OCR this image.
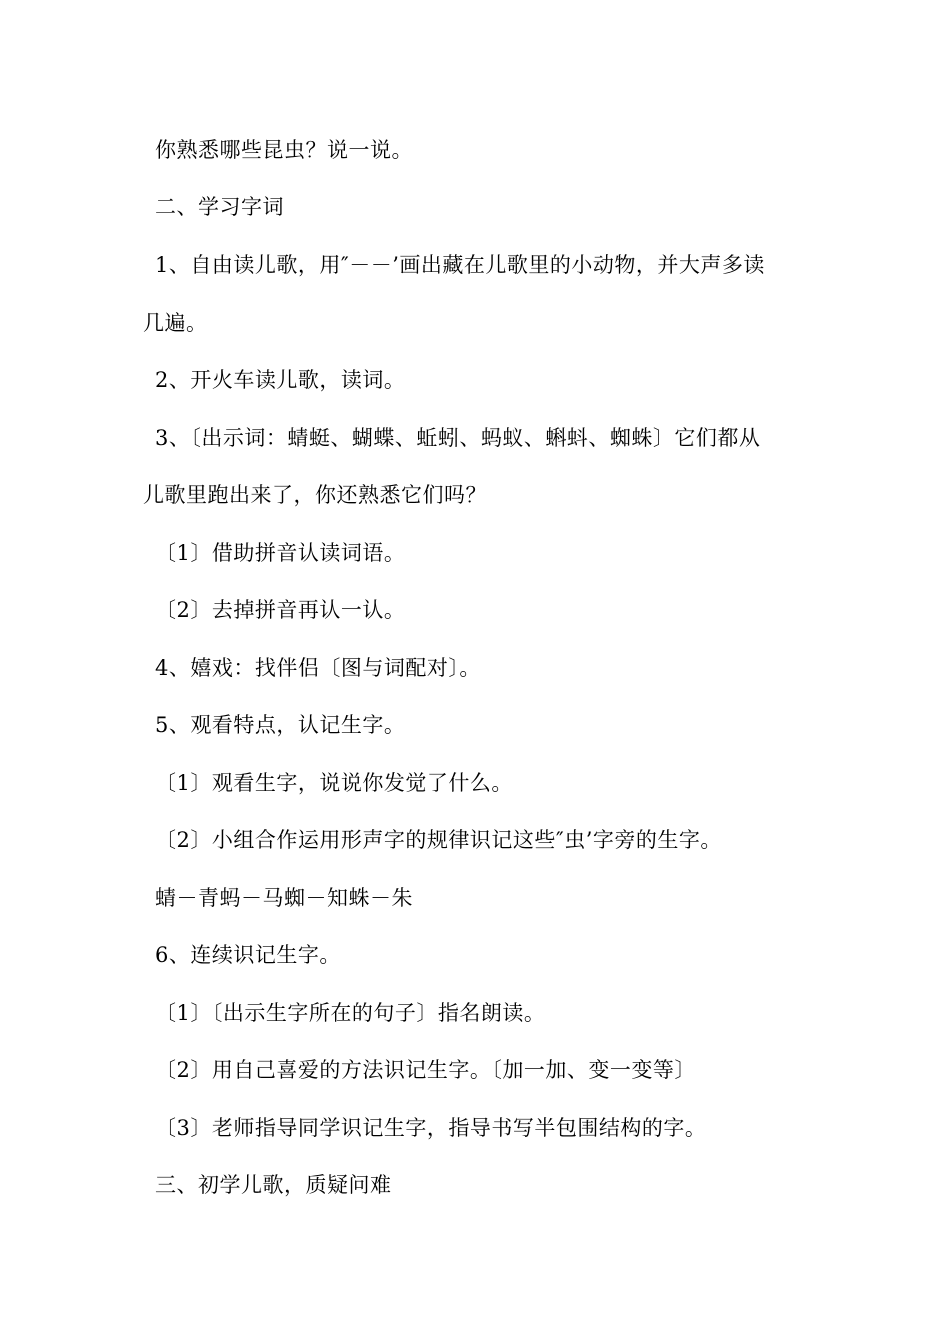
你熟悉哪些昆虫？说一说。
二、学习字词
1、自由读儿歌，用″－－’画出藏在儿歌里的小动物，并大声多读
几遍。
2、开火车读儿歌，读词。
3、〔出示词：蜻蜓、蝴蝶、蚯蚓、蚂蚁、蝌蚪、蜘蛛〕它们都从
儿歌里跑出来了，你还熟悉它们吗？
〔1〕借助拼音认读词语。
〔2〕去掉拼音再认一认。
4、嬉戏：找伴侣〔图与词配对〕。
5、观看特点，认记生字。
〔1〕观看生字，说说你发觉了什么。
〔2〕小组合作运用形声字的规律识记这些″虫’字旁的生字。
蜻－青蚂－马蜘－知蛛－朱
6、连续识记生字。
〔1〕〔出示生字所在的句子〕指名朗读。
〔2〕用自己喜爱的方法识记生字。〔加一加、变一变等〕
〔3〕老师指导同学识记生字，指导书写半包围结构的字。
三、初学儿歌，质疑问难
